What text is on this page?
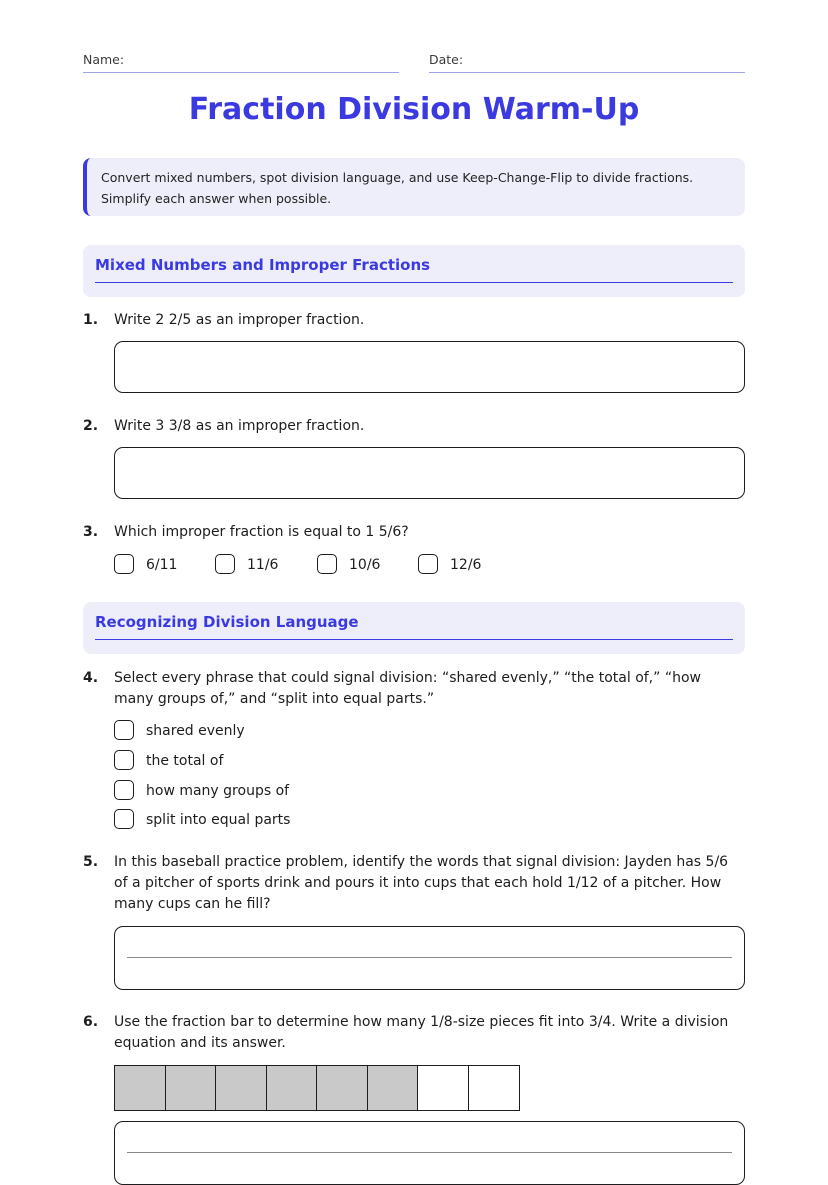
Name:	Date:
Fraction Division Warm-Up
Convert mixed numbers, spot division language, and use Keep-Change-Flip to divide fractions. Simplify each answer when possible.
Mixed Numbers and Improper Fractions
1. Write 2 2/5 as an improper fraction.
2. Write 3 3/8 as an improper fraction.
3. Which improper fraction is equal to 1 5/6?
6/11	11/6	10/6	12/6
Recognizing Division Language
4. Select every phrase that could signal division: “shared evenly,” “the total of,” “how many groups of,” and “split into equal parts.”
shared evenly
the total of
how many groups of
split into equal parts
5. In this baseball practice problem, identify the words that signal division: Jayden has 5/6 of a pitcher of sports drink and pours it into cups that each hold 1/12 of a pitcher. How many cups can he fill?
6. Use the fraction bar to determine how many 1/8-size pieces fit into 3/4. Write a division equation and its answer.
